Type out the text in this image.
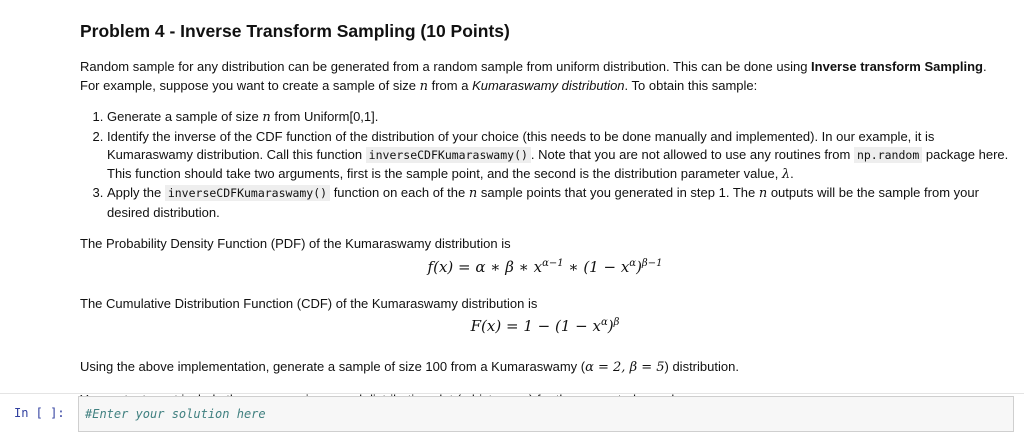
Problem 4 - Inverse Transform Sampling (10 Points)

Random sample for any distribution can be generated from a random sample from uniform distribution. This can be done using Inverse transform Sampling.
For example, suppose you want to create a sample of size n from a Kumaraswamy distribution. To obtain this sample:

1. Generate a sample of size n from Uniform[0,1].
2. Identify the inverse of the CDF function of the distribution of your choice (this needs to be done manually and implemented). In our example, it is Kumaraswamy distribution. Call this function inverseCDFKumaraswamy() . Note that you are not allowed to use any routines from np.random package here. This function should take two arguments, first is the sample point, and the second is the distribution parameter value, λ.
3. Apply the inverseCDFKumaraswamy() function on each of the n sample points that you generated in step 1. The n outputs will be the sample from your desired distribution.

The Probability Density Function (PDF) of the Kumaraswamy distribution is

f(x) = α ∗ β ∗ $x^{\alpha-1}$ ∗ $(1 - x^\alpha)^{\beta-1}$

The Cumulative Distribution Function (CDF) of the Kumaraswamy distribution is

$F(x) = 1 - (1 - x^\alpha)^\beta$

Using the above implementation, generate a sample of size 100 from a Kumaraswamy (α = 2, β = 5) distribution.

In [ ]: #Enter your solution here
